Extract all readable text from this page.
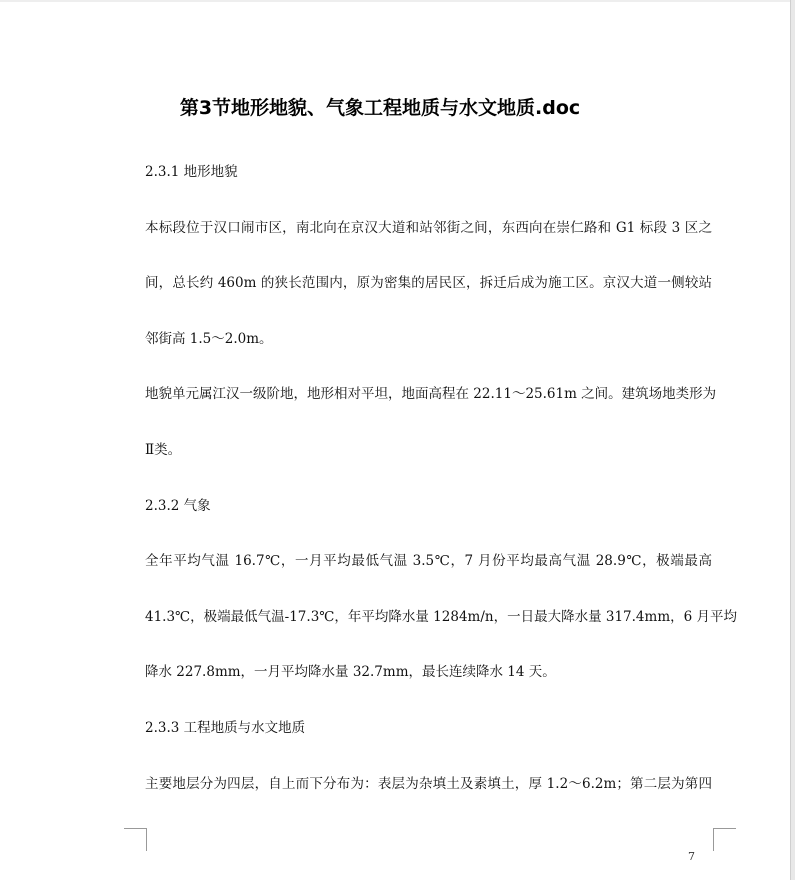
第3节地形地貌、气象工程地质与水文地质.doc
2.3.1 地形地貌
本标段位于汉口闹市区，南北向在京汉大道和站邻街之间，东西向在崇仁路和 G1 标段 3 区之
间，总长约 460m 的狭长范围内，原为密集的居民区，拆迁后成为施工区。京汉大道一侧较站
邻街高 1.5～2.0m。
地貌单元属江汉一级阶地，地形相对平坦，地面高程在 22.11～25.61m 之间。建筑场地类形为
Ⅱ类。
2.3.2 气象
全年平均气温 16.7℃，一月平均最低气温 3.5℃，7 月份平均最高气温 28.9℃，极端最高
41.3℃，极端最低气温-17.3℃，年平均降水量 1284m/n，一日最大降水量 317.4mm，6 月平均
降水 227.8mm，一月平均降水量 32.7mm，最长连续降水 14 天。
2.3.3 工程地质与水文地质
主要地层分为四层，自上而下分布为：表层为杂填土及素填土，厚 1.2～6.2m；第二层为第四
7
